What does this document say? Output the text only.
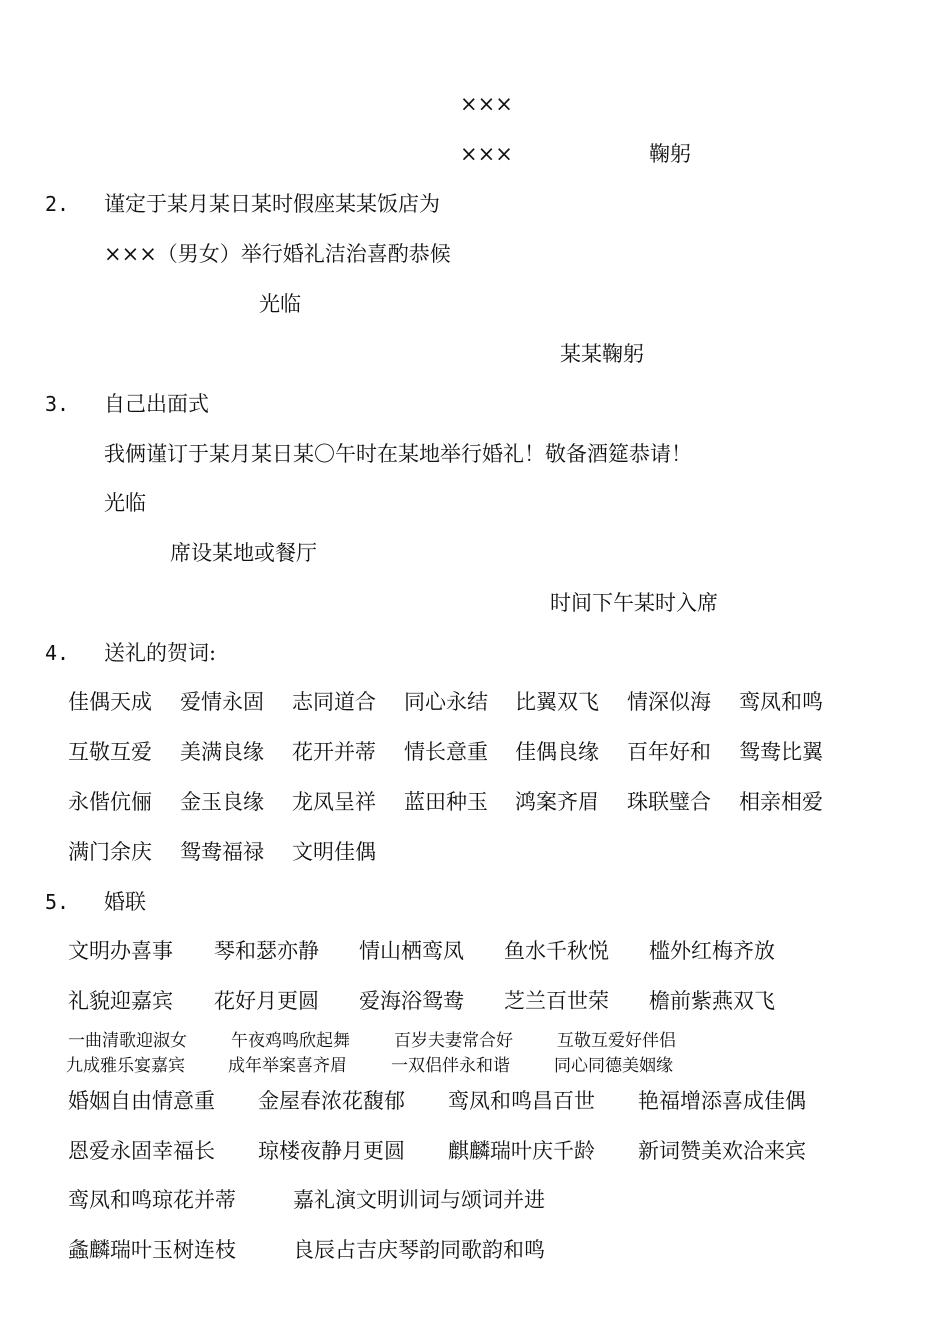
×××
×××	鞠躬
2. 谨定于某月某日某时假座某某饭店为
×××（男女）举行婚礼洁治喜酌恭候
光临
某某鞠躬
3. 自己出面式
我俩谨订于某月某日某〇午时在某地举行婚礼！敬备酒筵恭请！
光临
席设某地或餐厅
时间下午某时入席
4. 送礼的贺词:
佳偶天成 爱情永固 志同道合 同心永结 比翼双飞 情深似海 鸾凤和鸣
互敬互爱 美满良缘 花开并蒂 情长意重 佳偶良缘 百年好和 鸳鸯比翼
永偕伉俪 金玉良缘 龙凤呈祥 蓝田种玉 鸿案齐眉 珠联璧合 相亲相爱
满门余庆 鸳鸯福禄 文明佳偶
5. 婚联
文明办喜事 琴和瑟亦静 情山栖鸾凤 鱼水千秋悦 槛外红梅齐放
礼貌迎嘉宾 花好月更圆 爱海浴鸳鸯 芝兰百世荣 檐前紫燕双飞
一曲清歌迎淑女	午夜鸡鸣欣起舞	百岁夫妻常合好	互敬互爱好伴侣
九成雅乐宴嘉宾	成年举案喜齐眉	一双侣伴永和谐	同心同德美姻缘
婚姻自由情意重 金屋春浓花馥郁 鸾凤和鸣昌百世 艳福增添喜成佳偶
恩爱永固幸福长 琼楼夜静月更圆 麒麟瑞叶庆千龄 新词赞美欢洽来宾
鸾凤和鸣琼花并蒂	嘉礼演文明训词与颂词并进
螽麟瑞叶玉树连枝	良辰占吉庆琴韵同歌韵和鸣
